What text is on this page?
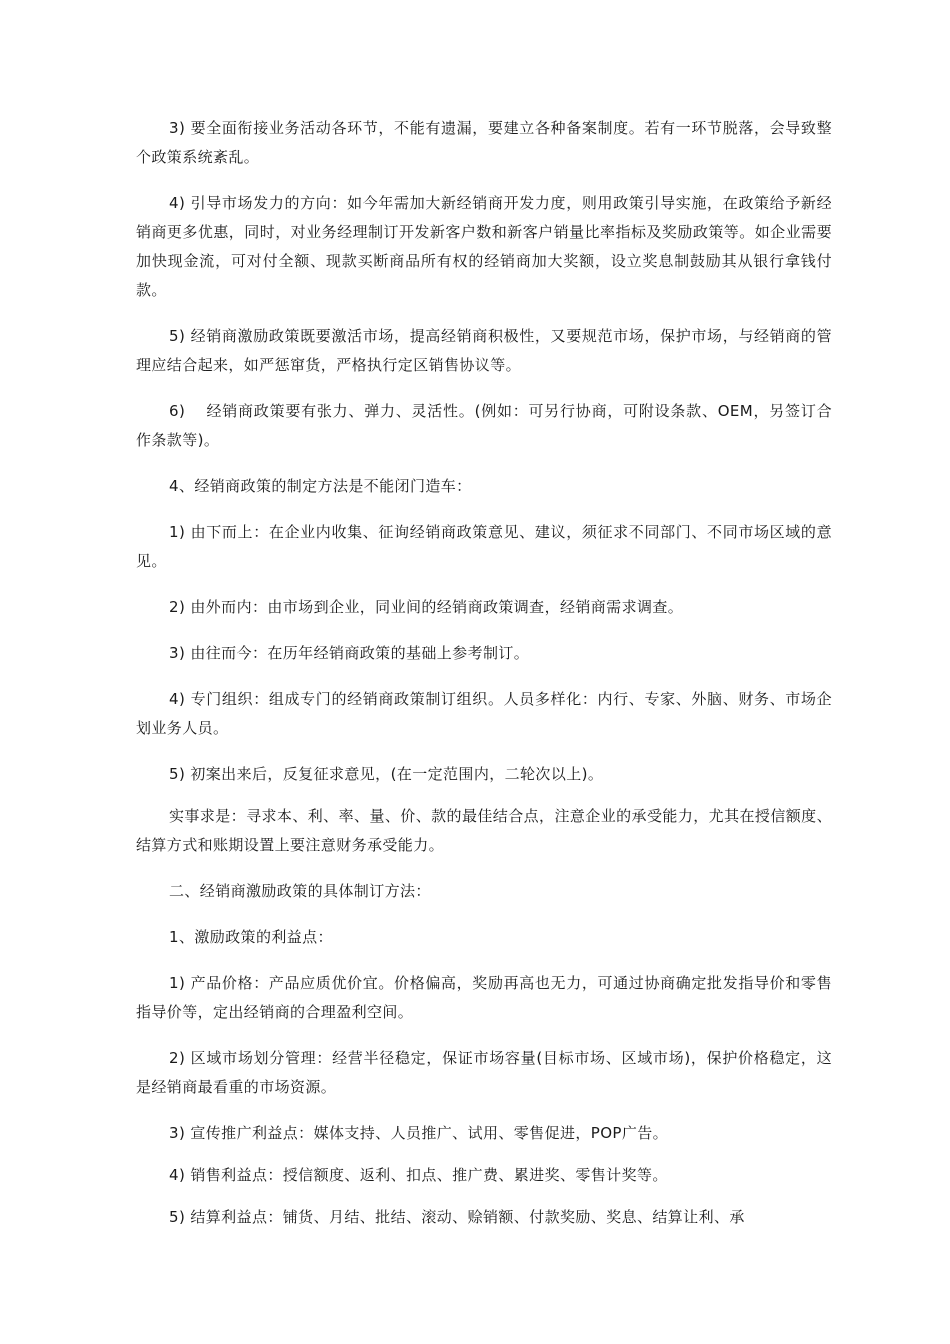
3) 要全面衔接业务活动各环节，不能有遗漏，要建立各种备案制度。若有一环节脱落，会导致整个政策系统紊乱。

4) 引导市场发力的方向：如今年需加大新经销商开发力度，则用政策引导实施，在政策给予新经销商更多优惠，同时，对业务经理制订开发新客户数和新客户销量比率指标及奖励政策等。如企业需要加快现金流，可对付全额、现款买断商品所有权的经销商加大奖额，设立奖息制鼓励其从银行拿钱付款。

5) 经销商激励政策既要激活市场，提高经销商积极性，又要规范市场，保护市场，与经销商的管理应结合起来，如严惩窜货，严格执行定区销售协议等。

6) 　经销商政策要有张力、弹力、灵活性。(例如：可另行协商，可附设条款、OEM，另签订合作条款等)。

4、经销商政策的制定方法是不能闭门造车：

1) 由下而上：在企业内收集、征询经销商政策意见、建议，须征求不同部门、不同市场区域的意见。

2) 由外而内：由市场到企业，同业间的经销商政策调查，经销商需求调查。

3) 由往而今：在历年经销商政策的基础上参考制订。

4) 专门组织：组成专门的经销商政策制订组织。人员多样化：内行、专家、外脑、财务、市场企划业务人员。

5) 初案出来后，反复征求意见，(在一定范围内，二轮次以上)。

实事求是：寻求本、利、率、量、价、款的最佳结合点，注意企业的承受能力，尤其在授信额度、结算方式和账期设置上要注意财务承受能力。

二、经销商激励政策的具体制订方法：

1、激励政策的利益点：

1) 产品价格：产品应质优价宜。价格偏高，奖励再高也无力，可通过协商确定批发指导价和零售指导价等，定出经销商的合理盈利空间。

2) 区域市场划分管理：经营半径稳定，保证市场容量(目标市场、区域市场)，保护价格稳定，这是经销商最看重的市场资源。

3) 宣传推广利益点：媒体支持、人员推广、试用、零售促进，POP广告。

4) 销售利益点：授信额度、返利、扣点、推广费、累进奖、零售计奖等。

5) 结算利益点：铺货、月结、批结、滚动、赊销额、付款奖励、奖息、结算让利、承
